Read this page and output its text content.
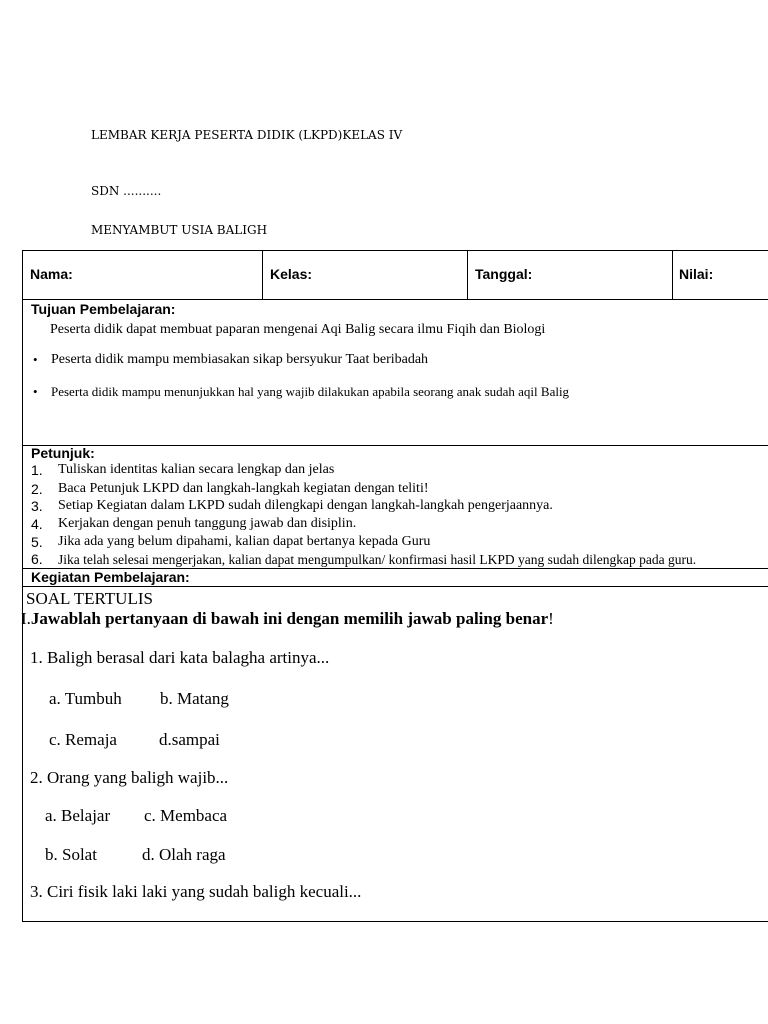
LEMBAR KERJA PESERTA DIDIK (LKPD)KELAS IV
SDN ..........
MENYAMBUT USIA BALIGH
Nama:	Kelas:	Tanggal:	Nilai:
Tujuan Pembelajaran:
Peserta didik dapat membuat paparan mengenai Aqi Balig secara ilmu Fiqih dan Biologi
• Peserta didik mampu membiasakan sikap bersyukur Taat beribadah
• Peserta didik mampu menunjukkan hal yang wajib dilakukan apabila seorang anak sudah aqil Balig
Petunjuk:
1. Tuliskan identitas kalian secara lengkap dan jelas
2. Baca Petunjuk LKPD dan langkah-langkah kegiatan dengan teliti!
3. Setiap Kegiatan dalam LKPD sudah dilengkapi dengan langkah-langkah pengerjaannya.
4. Kerjakan dengan penuh tanggung jawab dan disiplin.
5. Jika ada yang belum dipahami, kalian dapat bertanya kepada Guru
6. Jika telah selesai mengerjakan, kalian dapat mengumpulkan/ konfirmasi hasil LKPD yang sudah dilengkap pada guru.
Kegiatan Pembelajaran:
SOAL TERTULIS
I.Jawablah pertanyaan di bawah ini dengan memilih jawab paling benar!
1. Baligh berasal dari kata balagha artinya...
a. Tumbuh b. Matang
c. Remaja d.sampai
2. Orang yang baligh wajib...
a. Belajar c. Membaca
b. Solat	d. Olah raga
3. Ciri fisik laki laki yang sudah baligh kecuali...
